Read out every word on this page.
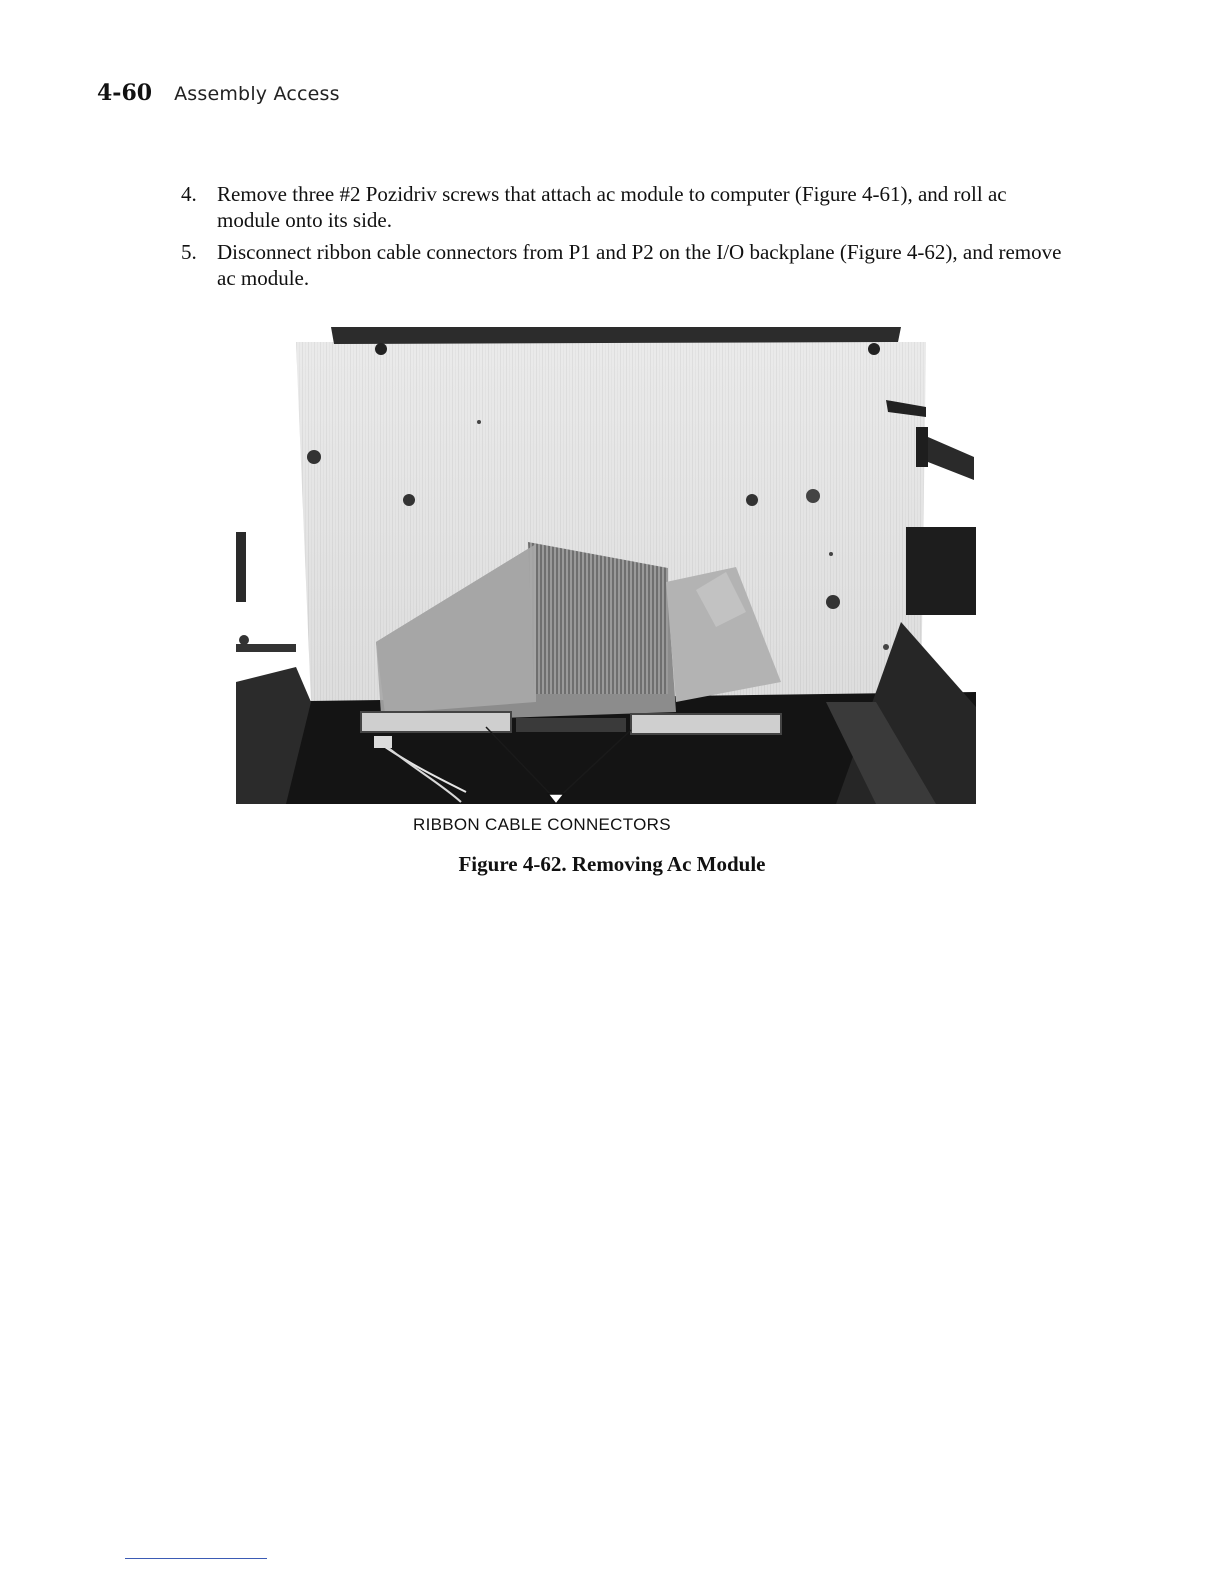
4-60 Assembly Access
4. Remove three #2 Pozidriv screws that attach ac module to computer (Figure 4-61), and roll ac module onto its side.
5. Disconnect ribbon cable connectors from P1 and P2 on the I/O backplane (Figure 4-62), and remove ac module.
RIBBON CABLE CONNECTORS
Figure 4-62. Removing Ac Module
